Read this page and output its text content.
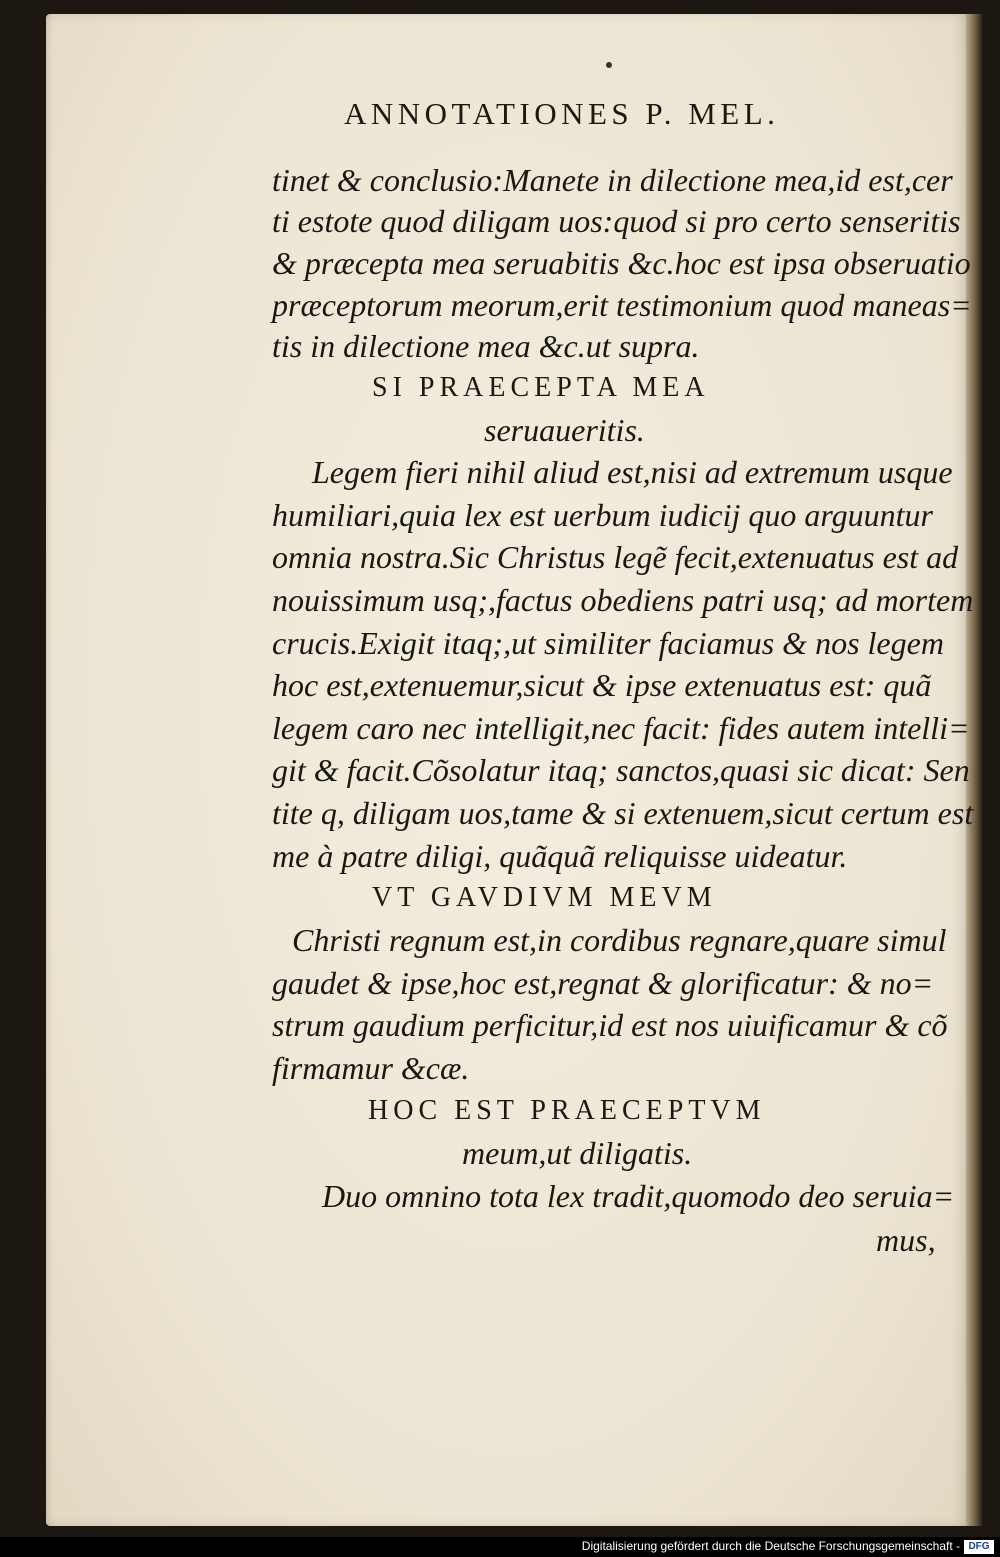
ANNOTATIONES P. MEL.
tinet & conclusio:Manete in dilectione mea,id est,cer
ti estote quod diligam uos:quod si pro certo senseritis
& præcepta mea seruabitis &c.hoc est ipsa obseruatio
præceptorum meorum,erit testimonium quod maneas=
tis in dilectione mea &c.ut supra.
SI PRAECEPTA MEA
seruaueritis.
Legem fieri nihil aliud est,nisi ad extremum usque
humiliari,quia lex est uerbum iudicij quo arguuntur
omnia nostra.Sic Christus legẽ fecit,extenuatus est ad
nouissimum usq;,factus obediens patri usq; ad mortem
crucis.Exigit itaq;,ut similiter faciamus & nos legem
hoc est,extenuemur,sicut & ipse extenuatus est: quã
legem caro nec intelligit,nec facit: fides autem intelli=
git & facit.Cõsolatur itaq; sanctos,quasi sic dicat: Sen
tite q, diligam uos,tame & si extenuem,sicut certum est
me à patre diligi, quãquã reliquisse uideatur.
VT GAVDIVM MEVM
Christi regnum est,in cordibus regnare,quare simul
gaudet & ipse,hoc est,regnat & glorificatur: & no=
strum gaudium perficitur,id est nos uiuificamur & cõ
firmamur &cæ.
HOC EST PRAECEPTVM
meum,ut diligatis.
Duo omnino tota lex tradit,quomodo deo seruia=
mus,
Digitalisierung gefördert durch die Deutsche Forschungsgemeinschaft - DFG
